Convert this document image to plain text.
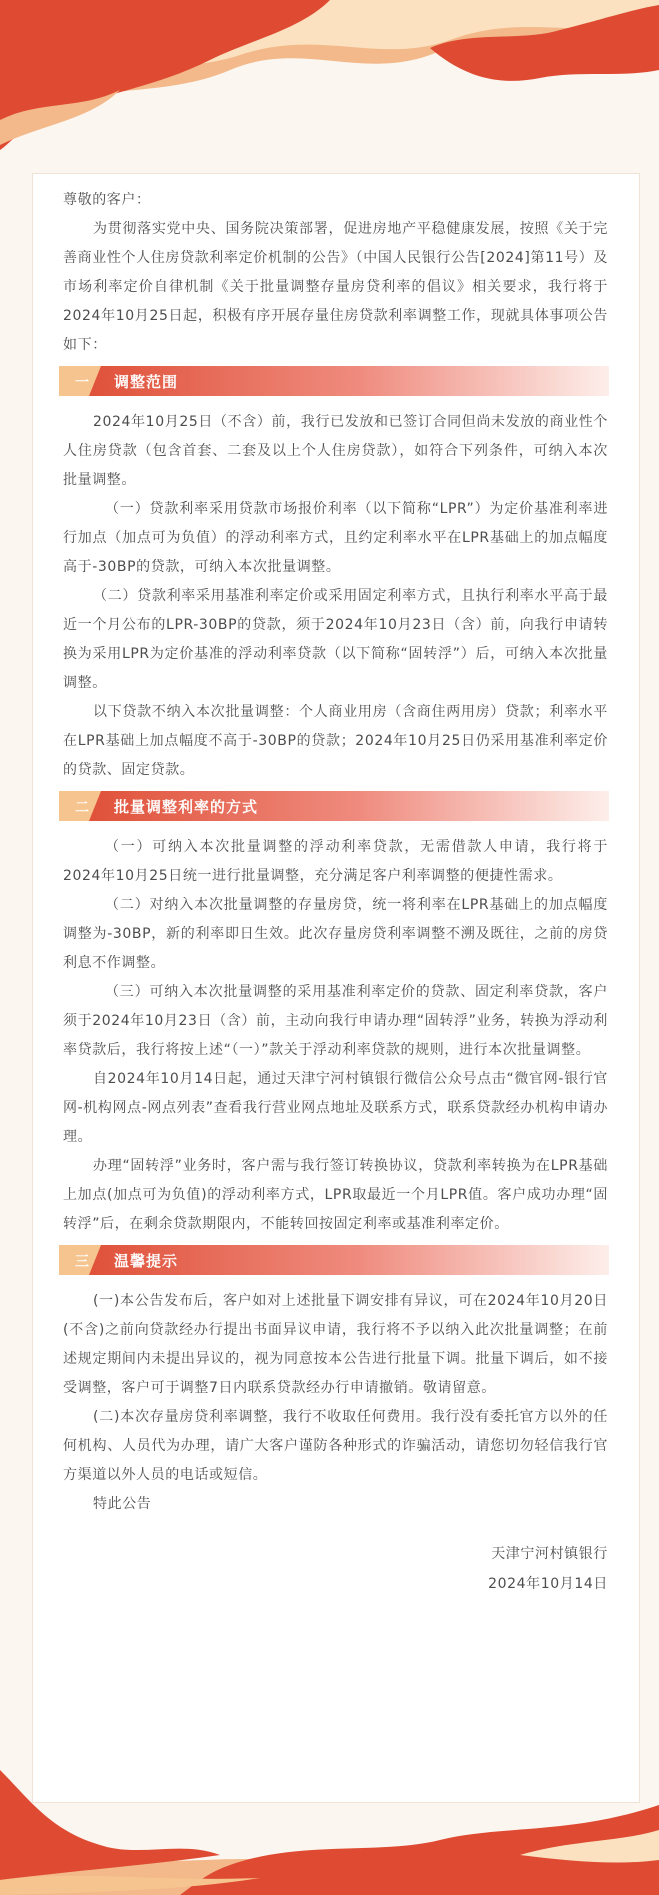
尊敬的客户：

为贯彻落实党中央、国务院决策部署，促进房地产平稳健康发展，按照《关于完善商业性个人住房贷款利率定价机制的公告》（中国人民银行公告[2024]第11号）及市场利率定价自律机制《关于批量调整存量房贷利率的倡议》相关要求，我行将于2024年10月25日起，积极有序开展存量住房贷款利率调整工作，现就具体事项公告如下：

一	调整范围

2024年10月25日（不含）前，我行已发放和已签订合同但尚未发放的商业性个人住房贷款（包含首套、二套及以上个人住房贷款），如符合下列条件，可纳入本次批量调整。

（一）贷款利率采用贷款市场报价利率（以下简称“LPR”）为定价基准利率进行加点（加点可为负值）的浮动利率方式，且约定利率水平在LPR基础上的加点幅度高于-30BP的贷款，可纳入本次批量调整。

（二）贷款利率采用基准利率定价或采用固定利率方式，且执行利率水平高于最近一个月公布的LPR-30BP的贷款，须于2024年10月23日（含）前，向我行申请转换为采用LPR为定价基准的浮动利率贷款（以下简称“固转浮”）后，可纳入本次批量调整。

以下贷款不纳入本次批量调整：个人商业用房（含商住两用房）贷款；利率水平在LPR基础上加点幅度不高于-30BP的贷款；2024年10月25日仍采用基准利率定价的贷款、固定贷款。

二	批量调整利率的方式

（一）可纳入本次批量调整的浮动利率贷款，无需借款人申请，我行将于2024年10月25日统一进行批量调整，充分满足客户利率调整的便捷性需求。

（二）对纳入本次批量调整的存量房贷，统一将利率在LPR基础上的加点幅度调整为-30BP，新的利率即日生效。此次存量房贷利率调整不溯及既往，之前的房贷利息不作调整。

（三）可纳入本次批量调整的采用基准利率定价的贷款、固定利率贷款，客户须于2024年10月23日（含）前，主动向我行申请办理“固转浮”业务，转换为浮动利率贷款后，我行将按上述“（一）”款关于浮动利率贷款的规则，进行本次批量调整。

自2024年10月14日起，通过天津宁河村镇银行微信公众号点击“微官网-银行官网-机构网点-网点列表”查看我行营业网点地址及联系方式，联系贷款经办机构申请办理。

办理“固转浮”业务时，客户需与我行签订转换协议，贷款利率转换为在LPR基础上加点(加点可为负值)的浮动利率方式，LPR取最近一个月LPR值。客户成功办理“固转浮”后，在剩余贷款期限内，不能转回按固定利率或基准利率定价。

三	温馨提示

(一)本公告发布后，客户如对上述批量下调安排有异议，可在2024年10月20日(不含)之前向贷款经办行提出书面异议申请，我行将不予以纳入此次批量调整；在前述规定期间内未提出异议的，视为同意按本公告进行批量下调。批量下调后，如不接受调整，客户可于调整7日内联系贷款经办行申请撤销。敬请留意。

(二)本次存量房贷利率调整，我行不收取任何费用。我行没有委托官方以外的任何机构、人员代为办理，请广大客户谨防各种形式的诈骗活动，请您切勿轻信我行官方渠道以外人员的电话或短信。

特此公告

天津宁河村镇银行
2024年10月14日
